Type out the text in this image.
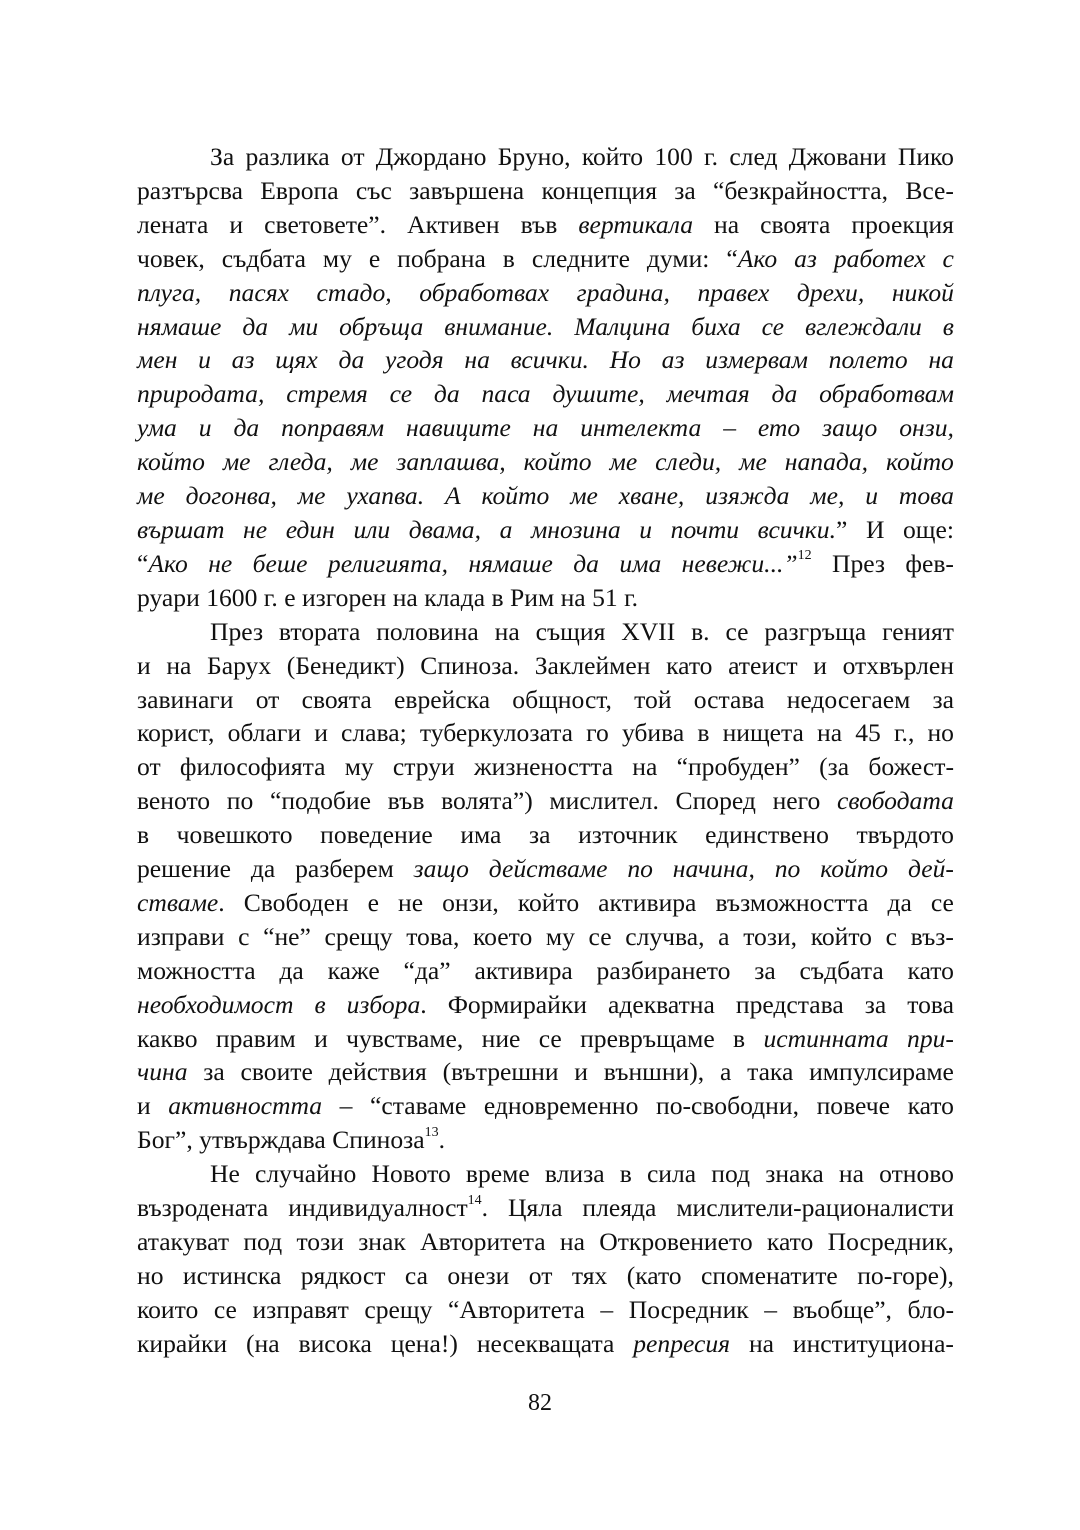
За разлика от Джордано Бруно, който 100 г. след Джовани Пико
разтърсва Европа със завършена концепция за “безкрайността, Все-
лената и световете”. Активен във вертикала на своята проекция
човек, съдбата му е побрана в следните думи: “Ако аз работех с
плуга, пасях стадо, обработвах градина, правех дрехи, никой
нямаше да ми обръща внимание. Малцина биха се вглеждали в
мен и аз щях да угодя на всички. Но аз измервам полето на
природата, стремя се да паса душите, мечтая да обработвам
ума и да поправям навиците на интелекта – ето защо онзи,
който ме гледа, ме заплашва, който ме следи, ме напада, който
ме догонва, ме ухапва. А който ме хване, изяжда ме, и това
вършат не един или двама, а мнозина и почти всички.” И още:
“Ако не беше религията, нямаше да има невежи...”$^{12}$ През фев-
руари 1600 г. е изгорен на клада в Рим на 51 г.
През втората половина на същия XVII в. се разгръща геният
и на Барух (Бенедикт) Спиноза. Заклеймен като атеист и отхвърлен
завинаги от своята еврейска общност, той остава недосегаем за
корист, облаги и слава; туберкулозата го убива в нищета на 45 г., но
от философията му струи жизнеността на “пробуден” (за божест-
веното по “подобие във волята”) мислител. Според него свободата
в човешкото поведение има за източник единствено твърдото
решение да разберем защо действаме по начина, по който дей-
стваме. Свободен е не онзи, който активира възможността да се
изправи с “не” срещу това, което му се случва, а този, който с въз-
можността да каже “да” активира разбирането за съдбата като
необходимост в избора. Формирайки адекватна представа за това
какво правим и чувстваме, ние се превръщаме в истинната при-
чина за своите действия (вътрешни и външни), а така импулсираме
и активността – “ставаме едновременно по-свободни, повече като
Бог”, утвърждава Спиноза$^{13}$.
Не случайно Новото време влиза в сила под знака на отново
възродената индивидуалност$^{14}$. Цяла плеяда мислители-рационалисти
атакуват под този знак Авторитета на Откровението като Посредник,
но истинска рядкост са онези от тях (като споменатите по-горе),
които се изправят срещу “Авторитета – Посредник – въобще”, бло-
кирайки (на висока цена!) несекващата репресия на институциона-
82
